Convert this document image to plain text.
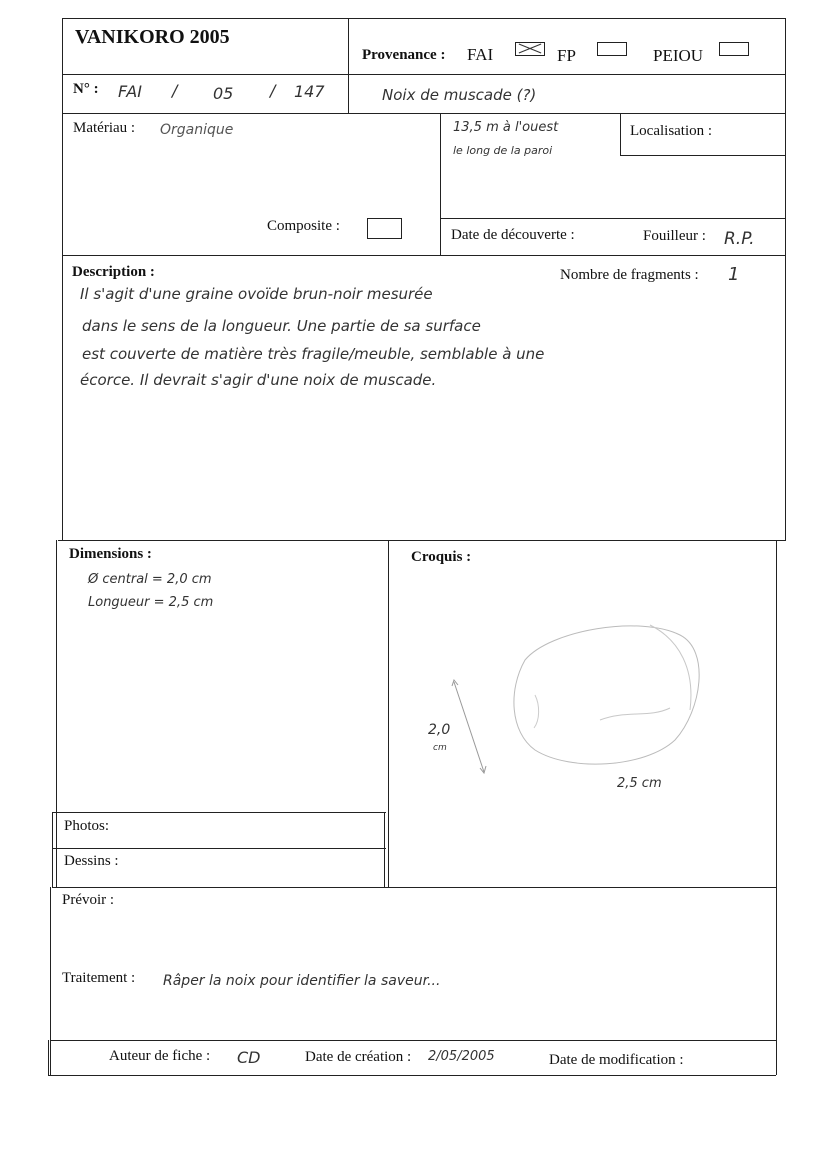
VANIKORO 2005
Provenance : FAI	FP	PEIOU
N° : FAI / 05 / 147	Noix de muscade (?)
Matériau : Organique
Composite :
13,5 m à l'ouest
le long de la paroi
Localisation :
Date de découverte :	Fouilleur : R.P.
Description :	Nombre de fragments : 1
Il s'agit d'une graine ovoïde brun-noir mesurée
dans le sens de la longueur. Une partie de sa surface
est couverte de matière très fragile/meuble, semblable à une
écorce. Il devrait s'agir d'une noix de muscade.
Dimensions :
Ø central = 2,0 cm
Longueur = 2,5 cm
Croquis :
2,0
cm
2,5 cm
Photos:
Dessins :
Prévoir :
Traitement : Râper la noix pour identifier la saveur...
Auteur de fiche : CD	Date de création : 2/05/2005	Date de modification :
